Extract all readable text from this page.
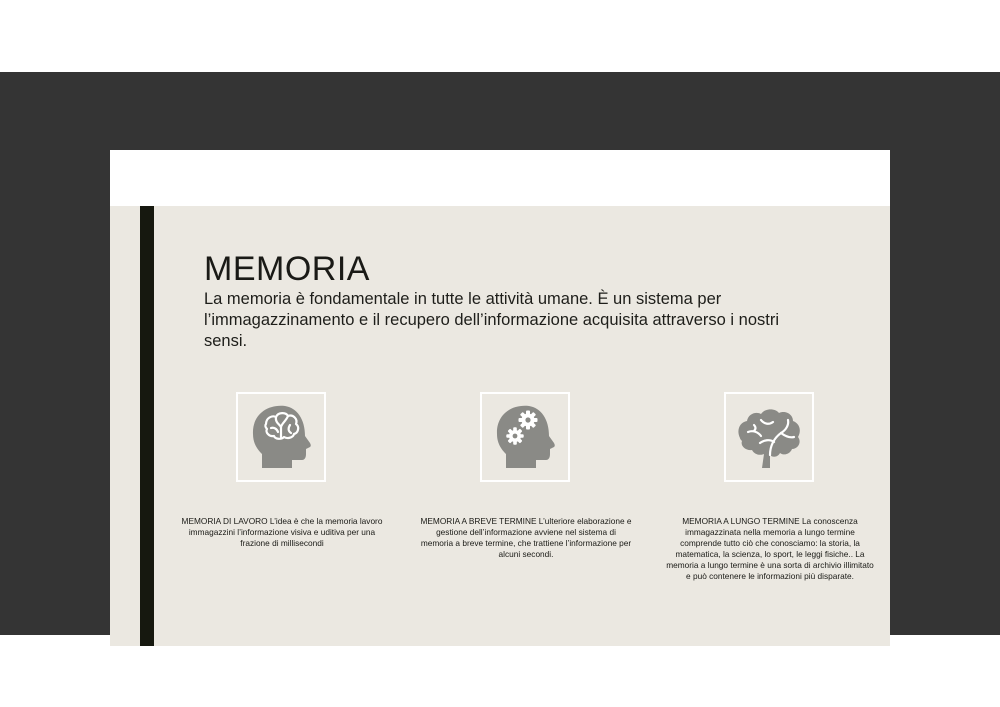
MEMORIA

La memoria è fondamentale in tutte le attività umane. È un sistema per l’immagazzinamento e il recupero dell’informazione acquisita attraverso i nostri sensi.

MEMORIA DI LAVORO L’idea è che la memoria lavoro immagazzini l’informazione visiva e uditiva per una frazione di millisecondi

MEMORIA A BREVE TERMINE L’ulteriore elaborazione e gestione dell’informazione avviene nel sistema di memoria a breve termine, che trattiene l’informazione per alcuni secondi.

MEMORIA A LUNGO TERMINE La conoscenza immagazzinata nella memoria a lungo termine comprende tutto ciò che conosciamo: la storia, la matematica, la scienza, lo sport, le leggi fisiche.. La memoria a lungo termine è una sorta di archivio illimitato e può contenere le informazioni più disparate.
